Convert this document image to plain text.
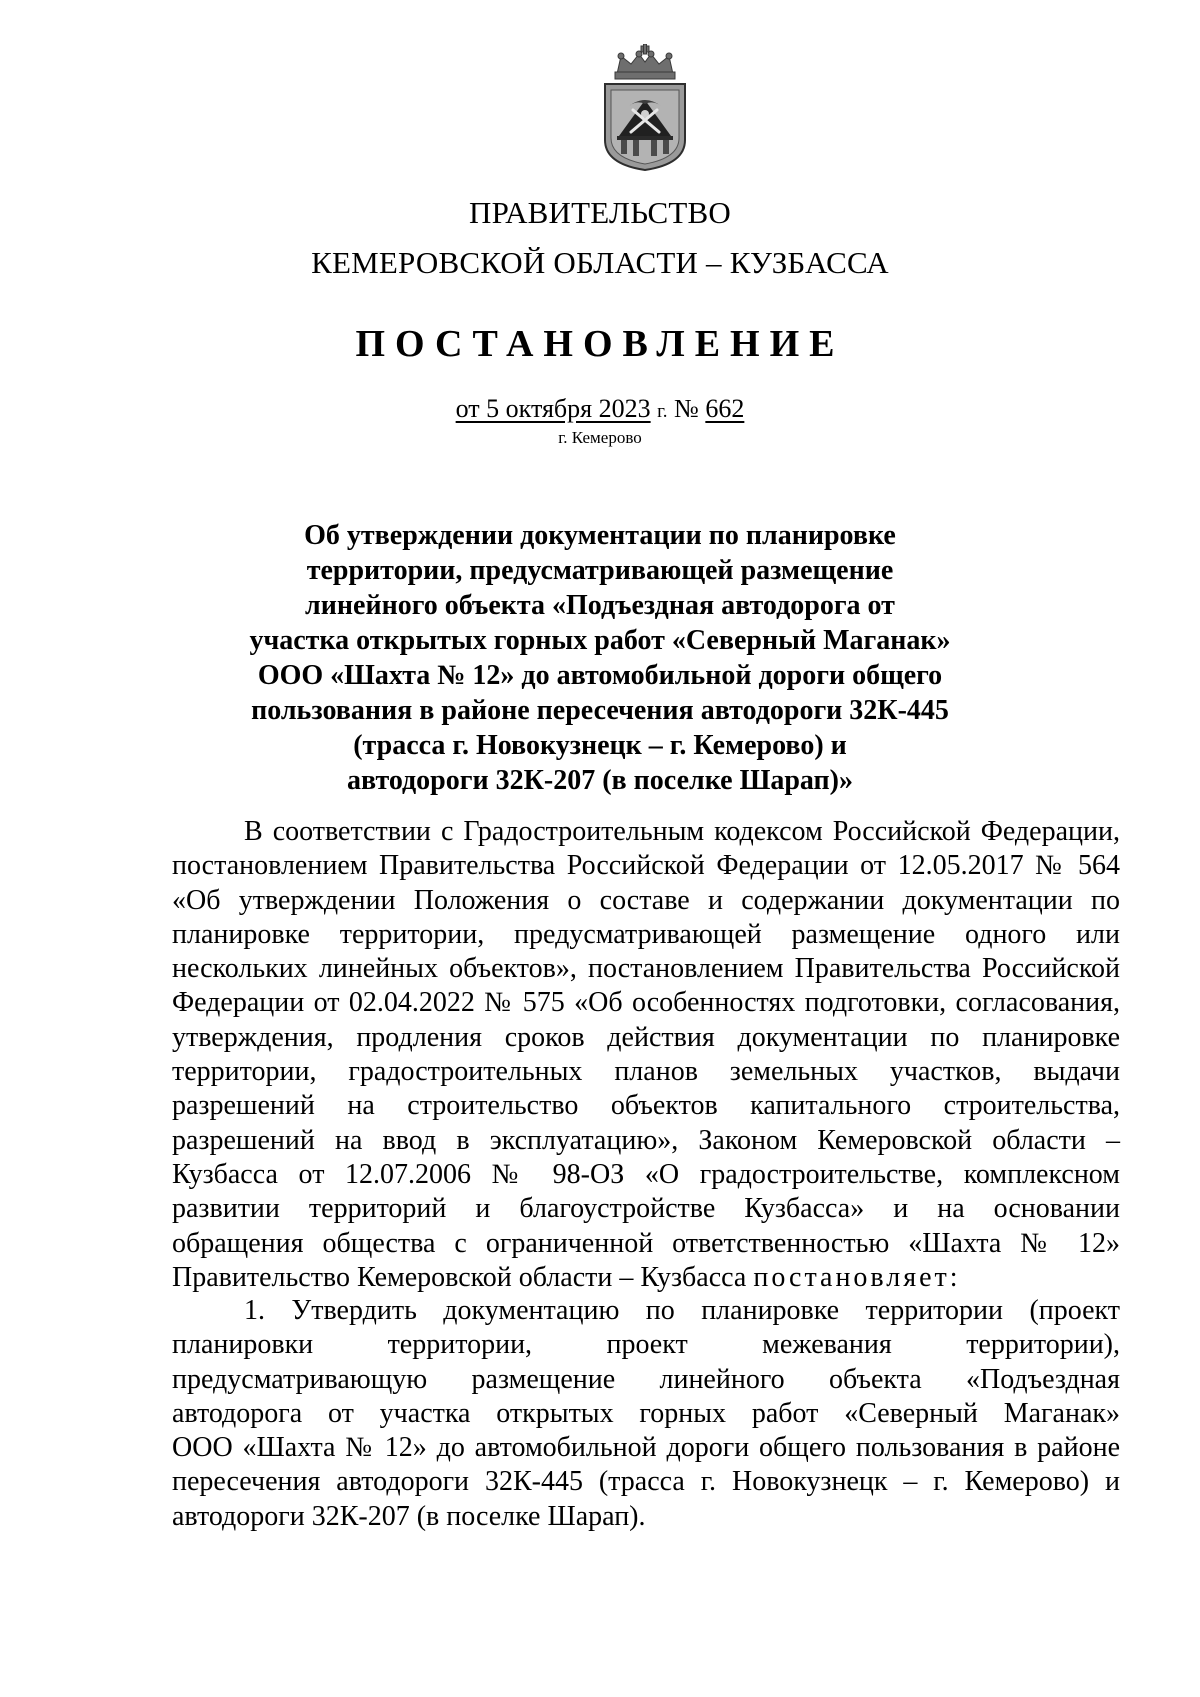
ПРАВИТЕЛЬСТВО
КЕМЕРОВСКОЙ ОБЛАСТИ – КУЗБАССА
ПОСТАНОВЛЕНИЕ
от 5 октября 2023 г. № 662
г. Кемерово
Об утверждении документации по планировке
территории, предусматривающей размещение
линейного объекта «Подъездная автодорога от
участка открытых горных работ «Северный Маганак»
ООО «Шахта № 12» до автомобильной дороги общего
пользования в районе пересечения автодороги 32К-445
(трасса г. Новокузнецк – г. Кемерово) и
автодороги 32К-207 (в поселке Шарап)»
В соответствии с Градостроительным кодексом Российской Федерации,
постановлением Правительства Российской Федерации от 12.05.2017 № 564
«Об утверждении Положения о составе и содержании документации по
планировке территории, предусматривающей размещение одного или
нескольких линейных объектов», постановлением Правительства Российской
Федерации от 02.04.2022 № 575 «Об особенностях подготовки, согласования,
утверждения, продления сроков действия документации по планировке
территории, градостроительных планов земельных участков, выдачи
разрешений на строительство объектов капитального строительства,
разрешений на ввод в эксплуатацию», Законом Кемеровской области –
Кузбасса от 12.07.2006 № 98-ОЗ «О градостроительстве, комплексном
развитии территорий и благоустройстве Кузбасса» и на основании
обращения общества с ограниченной ответственностью «Шахта № 12»
Правительство Кемеровской области – Кузбасса постановляет:
1. Утвердить документацию по планировке территории (проект
планировки территории, проект межевания территории),
предусматривающую размещение линейного объекта «Подъездная
автодорога от участка открытых горных работ «Северный Маганак»
ООО «Шахта № 12» до автомобильной дороги общего пользования в районе
пересечения автодороги 32К-445 (трасса г. Новокузнецк – г. Кемерово) и
автодороги 32К-207 (в поселке Шарап).
